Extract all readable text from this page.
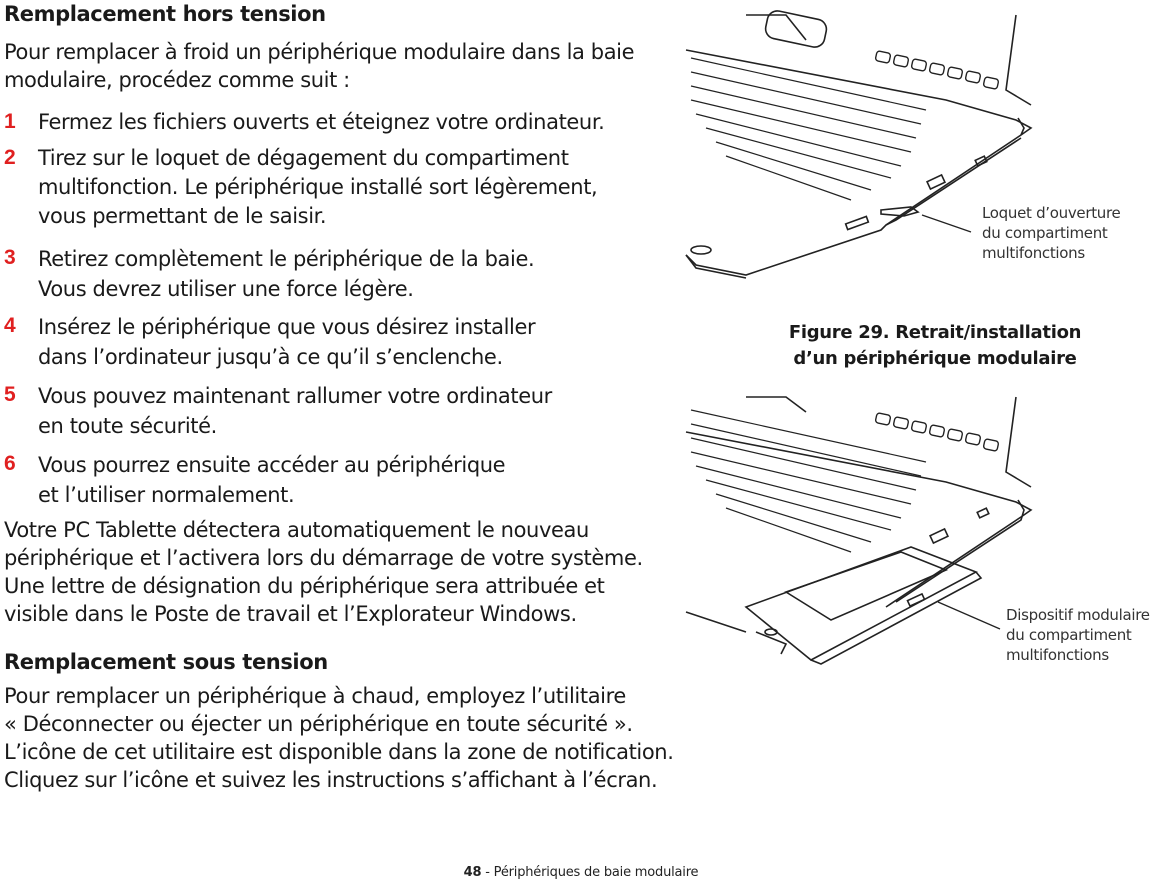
Remplacement hors tension

Pour remplacer à froid un périphérique modulaire dans la baie
modulaire, procédez comme suit :

1 Fermez les fichiers ouverts et éteignez votre ordinateur.
2 Tirez sur le loquet de dégagement du compartiment
multifonction. Le périphérique installé sort légèrement,
vous permettant de le saisir.
3 Retirez complètement le périphérique de la baie.
Vous devrez utiliser une force légère.
4 Insérez le périphérique que vous désirez installer
dans l’ordinateur jusqu’à ce qu’il s’enclenche.
5 Vous pouvez maintenant rallumer votre ordinateur
en toute sécurité.
6 Vous pourrez ensuite accéder au périphérique
et l’utiliser normalement.

Votre PC Tablette détectera automatiquement le nouveau
périphérique et l’activera lors du démarrage de votre système.
Une lettre de désignation du périphérique sera attribuée et
visible dans le Poste de travail et l’Explorateur Windows.

Remplacement sous tension

Pour remplacer un périphérique à chaud, employez l’utilitaire
« Déconnecter ou éjecter un périphérique en toute sécurité ».
L’icône de cet utilitaire est disponible dans la zone de notification.
Cliquez sur l’icône et suivez les instructions s’affichant à l’écran.

Loquet d’ouverture
du compartiment
multifonctions
Figure 29. Retrait/installation
d’un périphérique modulaire
Dispositif modulaire
du compartiment
multifonctions
48 - Périphériques de baie modulaire
